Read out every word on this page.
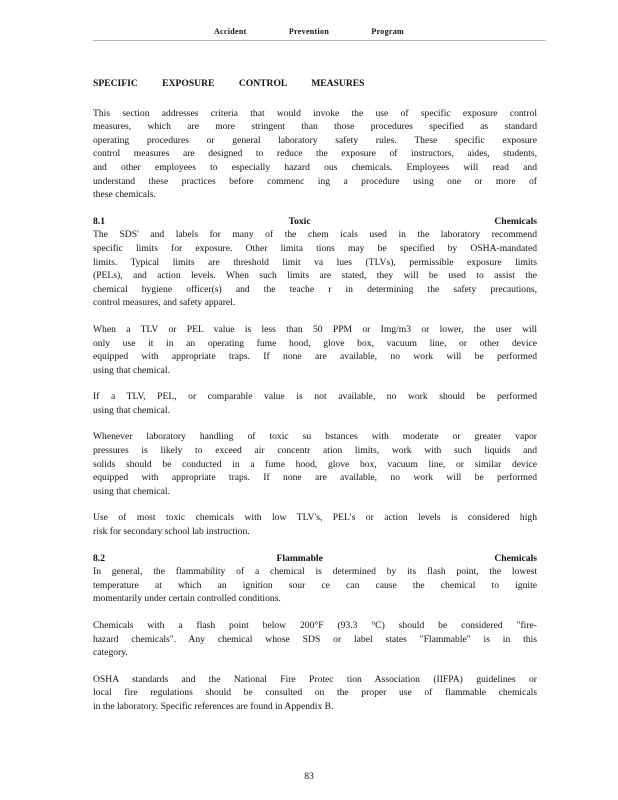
Accident	Prevention	Program
SPECIFIC EXPOSURE CONTROL MEASURES
This section addresses criteria that would invoke the use of specific exposure control
measures, which are more stringent than those procedures specified as standard
operating procedures or general laboratory safety rules. These specific exposure
control measures are designed to reduce the exposure of instructors, aides, students,
and other employees to especially hazard ous chemicals. Employees will read and
understand these practices before commenc ing a procedure using one or more of
these chemicals.
8.1 Toxic Chemicals
The SDS' and labels for many of the chem icals used in the laboratory recommend
specific limits for exposure. Other limita tions may be specified by OSHA-mandated
limits. Typical limits are threshold limit va lues (TLVs), permissible exposure limits
(PELs), and action levels. When such limits are stated, they will be used to assist the
chemical hygiene officer(s) and the teache r in determining the safety precautions,
control measures, and safety apparel.
When a TLV or PEL value is less than 50 PPM or Img/m3 or lower, the user will
only use it in an operating fume hood, glove box, vacuum line, or other device
equipped with appropriate traps. If none are available, no work will be performed
using that chemical.
If a TLV, PEL, or comparable value is not available, no work should be performed
using that chemical.
Whenever laboratory handling of toxic su bstances with moderate or greater vapor
pressures is likely to exceed air concentr ation limits, work with such liquids and
solids should be conducted in a fume hood, glove box, vacuum line, or similar device
equipped with appropriate traps. If none are available, no work will be performed
using that chemical.
Use of most toxic chemicals with low TLV's, PEL's or action levels is considered high
risk for secondary school lab instruction.
8.2 Flammable Chemicals
In general, the flammability of a chemical is determined by its flash point, the lowest
temperature at which an ignition sour ce can cause the chemical to ignite
momentarily under certain controlled conditions.
Chemicals with a flash point below 200°F (93.3 °C) should be considered "fire-
hazard chemicals". Any chemical whose SDS or label states "Flammable" is in this
category.
OSHA standards and the National Fire Protec tion Association (IIFPA) guidelines or
local fire regulations should be consulted on the proper use of flammable chemicals
in the laboratory. Specific references are found in Appendix B.
83
